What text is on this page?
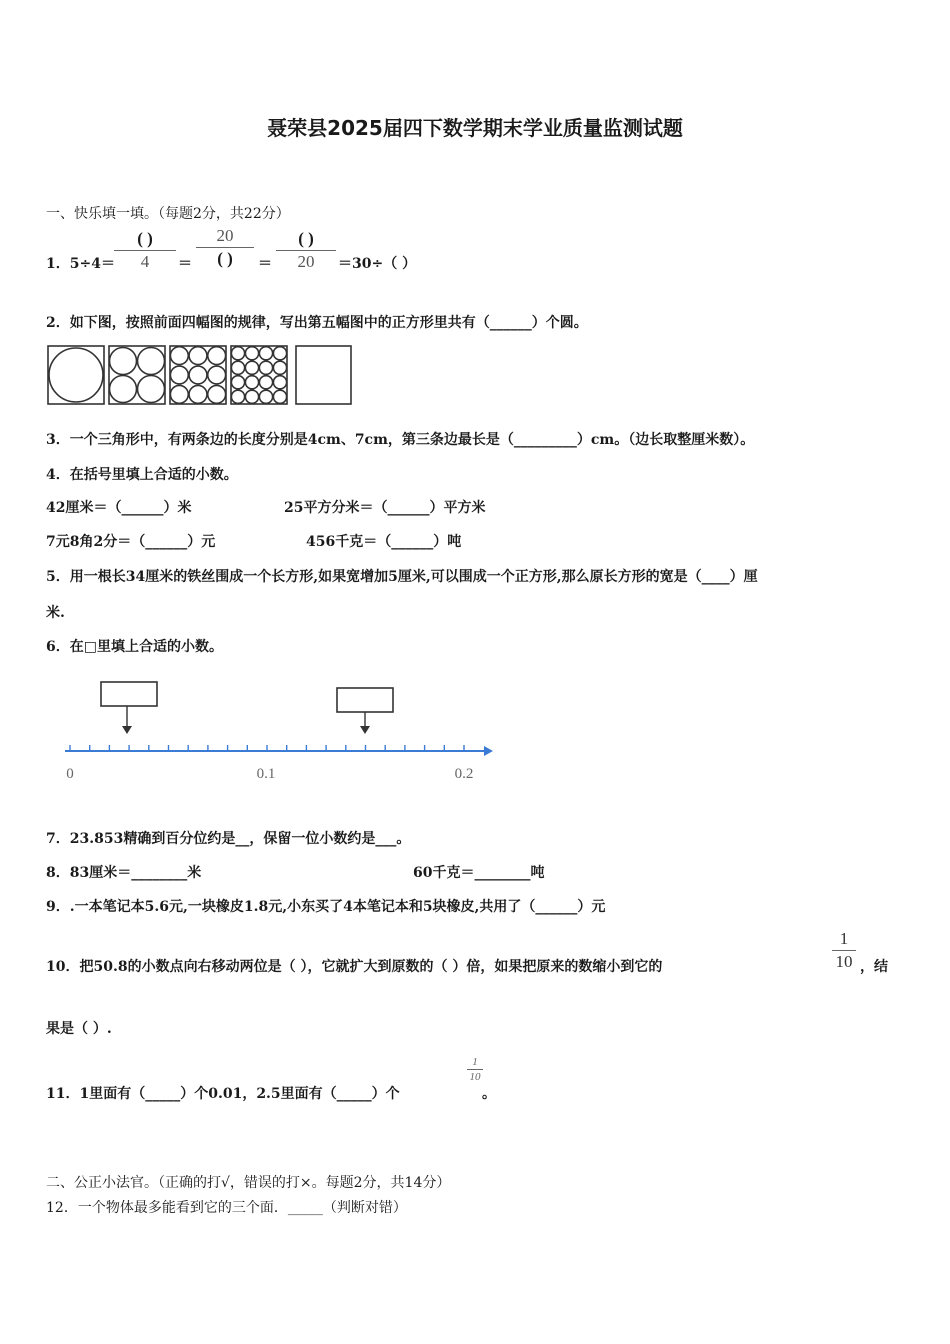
聂荣县2025届四下数学期末学业质量监测试题
一、快乐填一填。（每题2分，共22分）
1．5÷4＝
( )
4	＝
20
( )	＝
( )
20	＝30÷（ ）
2．如下图，按照前面四幅图的规律，写出第五幅图中的正方形里共有（______）个圆。
3．一个三角形中，有两条边的长度分别是4cm、7cm，第三条边最长是（_________）cm。（边长取整厘米数）。
4．在括号里填上合适的小数。
42厘米＝（______）米	25平方分米＝（______）平方米
7元8角2分＝（______）元	456千克＝（______）吨
5．用一根长34厘米的铁丝围成一个长方形,如果宽增加5厘米,可以围成一个正方形,那么原长方形的宽是（____）厘
米.
6．在□里填上合适的小数。
0	0.1	0.2
7．23.853精确到百分位约是__，保留一位小数约是___。
8．83厘米＝________米	60千克＝________吨
9．.一本笔记本5.6元,一块橡皮1.8元,小东买了4本笔记本和5块橡皮,共用了（______）元
10．把50.8的小数点向右移动两位是（ ），它就扩大到原数的（ ）倍，如果把原来的数缩小到它的
1
10 ，结
果是（ ）.
11．1里面有（_____）个0.01，2.5里面有（_____）个
1
10
。
二、公正小法官。（正确的打√，错误的打×。每题2分，共14分）
12．一个物体最多能看到它的三个面．_____（判断对错）
